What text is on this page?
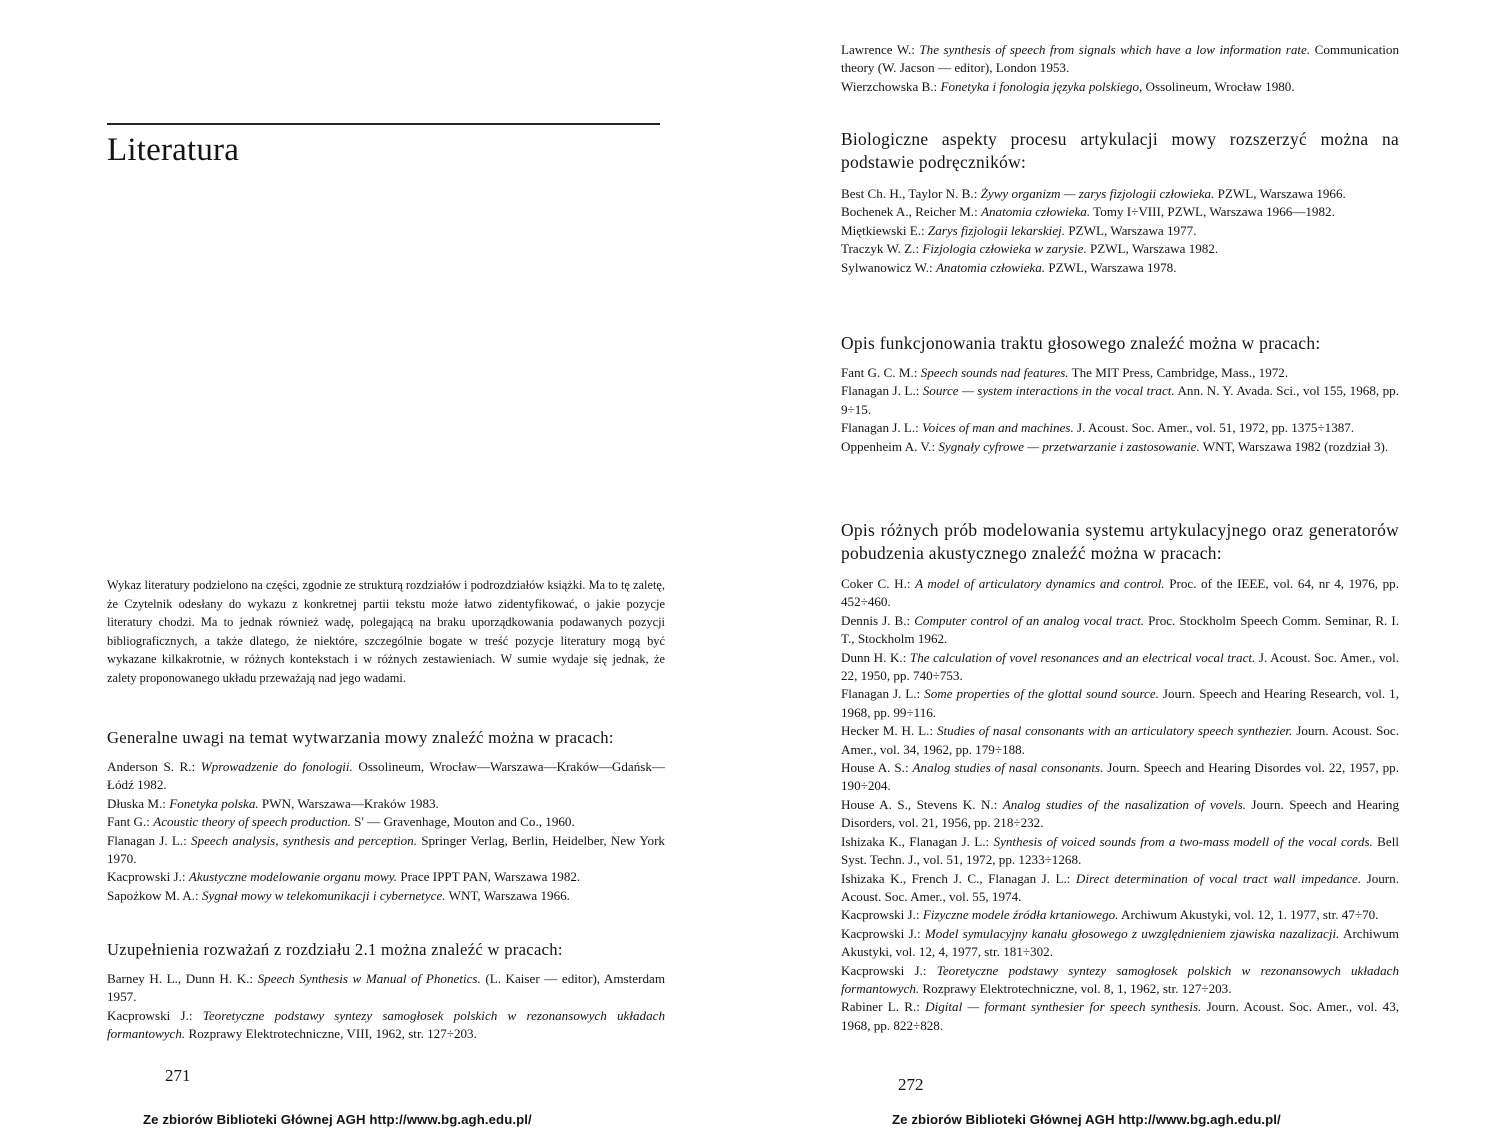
Literatura

Wykaz literatury podzielono na części, zgodnie ze strukturą rozdziałów i podrozdziałów książki. Ma to tę zaletę, że Czytelnik odesłany do wykazu z konkretnej partii tekstu może łatwo zidentyfikować, o jakie pozycje literatury chodzi. Ma to jednak również wadę, polegającą na braku uporządkowania podawanych pozycji bibliograficznych, a także dlatego, że niektóre, szczególnie bogate w treść pozycje literatury mogą być wykazane kilkakrotnie, w różnych kontekstach i w różnych zestawieniach. W sumie wydaje się jednak, że zalety proponowanego układu przeważają nad jego wadami.

Generalne uwagi na temat wytwarzania mowy znaleźć można w pracach:

Anderson S. R.: Wprowadzenie do fonologii. Ossolineum, Wrocław—Warszawa—Kraków—Gdańsk—Łódź 1982.
Dłuska M.: Fonetyka polska. PWN, Warszawa—Kraków 1983.
Fant G.: Acoustic theory of speech production. S' — Gravenhage, Mouton and Co., 1960.
Flanagan J. L.: Speech analysis, synthesis and perception. Springer Verlag, Berlin, Heidelber, New York 1970.
Kacprowski J.: Akustyczne modelowanie organu mowy. Prace IPPT PAN, Warszawa 1982.
Sapożkow M. A.: Sygnał mowy w telekomunikacji i cybernetyce. WNT, Warszawa 1966.

Uzupełnienia rozważań z rozdziału 2.1 można znaleźć w pracach:

Barney H. L., Dunn H. K.: Speech Synthesis w Manual of Phonetics. (L. Kaiser — editor), Amsterdam 1957.
Kacprowski J.: Teoretyczne podstawy syntezy samogłosek polskich w rezonansowych układach formantowych. Rozprawy Elektrotechniczne, VIII, 1962, str. 127÷203.
271
Ze zbiorów Biblioteki Głównej AGH http://www.bg.agh.edu.pl/
Lawrence W.: The synthesis of speech from signals which have a low information rate. Communication theory (W. Jacson — editor), London 1953.
Wierzchowska B.: Fonetyka i fonologia języka polskiego, Ossolineum, Wrocław 1980.

Biologiczne aspekty procesu artykulacji mowy rozszerzyć można na podstawie podręczników:

Best Ch. H., Taylor N. B.: Żywy organizm — zarys fizjologii człowieka. PZWL, Warszawa 1966.
Bochenek A., Reicher M.: Anatomia człowieka. Tomy I÷VIII, PZWL, Warszawa 1966—1982.
Miętkiewski E.: Zarys fizjologii lekarskiej. PZWL, Warszawa 1977.
Traczyk W. Z.: Fizjologia człowieka w zarysie. PZWL, Warszawa 1982.
Sylwanowicz W.: Anatomia człowieka. PZWL, Warszawa 1978.

Opis funkcjonowania traktu głosowego znaleźć można w pracach:

Fant G. C. M.: Speech sounds nad features. The MIT Press, Cambridge, Mass., 1972.
Flanagan J. L.: Source — system interactions in the vocal tract. Ann. N. Y. Avada. Sci., vol 155, 1968, pp. 9÷15.
Flanagan J. L.: Voices of man and machines. J. Acoust. Soc. Amer., vol. 51, 1972, pp. 1375÷1387.
Oppenheim A. V.: Sygnały cyfrowe — przetwarzanie i zastosowanie. WNT, Warszawa 1982 (rozdział 3).

Opis różnych prób modelowania systemu artykulacyjnego oraz generatorów pobudzenia akustycznego znaleźć można w pracach:

Coker C. H.: A model of articulatory dynamics and control. Proc. of the IEEE, vol. 64, nr 4, 1976, pp. 452÷460.
Dennis J. B.: Computer control of an analog vocal tract. Proc. Stockholm Speech Comm. Seminar, R. I. T., Stockholm 1962.
Dunn H. K.: The calculation of vovel resonances and an electrical vocal tract. J. Acoust. Soc. Amer., vol. 22, 1950, pp. 740÷753.
Flanagan J. L.: Some properties of the glottal sound source. Journ. Speech and Hearing Research, vol. 1, 1968, pp. 99÷116.
Hecker M. H. L.: Studies of nasal consonants with an articulatory speech synthezier. Journ. Acoust. Soc. Amer., vol. 34, 1962, pp. 179÷188.
House A. S.: Analog studies of nasal consonants. Journ. Speech and Hearing Disordes vol. 22, 1957, pp. 190÷204.
House A. S., Stevens K. N.: Analog studies of the nasalization of vovels. Journ. Speech and Hearing Disorders, vol. 21, 1956, pp. 218÷232.
Ishizaka K., Flanagan J. L.: Synthesis of voiced sounds from a two-mass modell of the vocal cords. Bell Syst. Techn. J., vol. 51, 1972, pp. 1233÷1268.
Ishizaka K., French J. C., Flanagan J. L.: Direct determination of vocal tract wall impedance. Journ. Acoust. Soc. Amer., vol. 55, 1974.
Kacprowski J.: Fizyczne modele źródła krtaniowego. Archiwum Akustyki, vol. 12, 1. 1977, str. 47÷70.
Kacprowski J.: Model symulacyjny kanału głosowego z uwzględnieniem zjawiska nazalizacji. Archiwum Akustyki, vol. 12, 4, 1977, str. 181÷302.
Kacprowski J.: Teoretyczne podstawy syntezy samogłosek polskich w rezonansowych układach formantowych. Rozprawy Elektrotechniczne, vol. 8, 1, 1962, str. 127÷203.
Rabiner L. R.: Digital — formant synthesier for speech synthesis. Journ. Acoust. Soc. Amer., vol. 43, 1968, pp. 822÷828.
272
Ze zbiorów Biblioteki Głównej AGH http://www.bg.agh.edu.pl/
